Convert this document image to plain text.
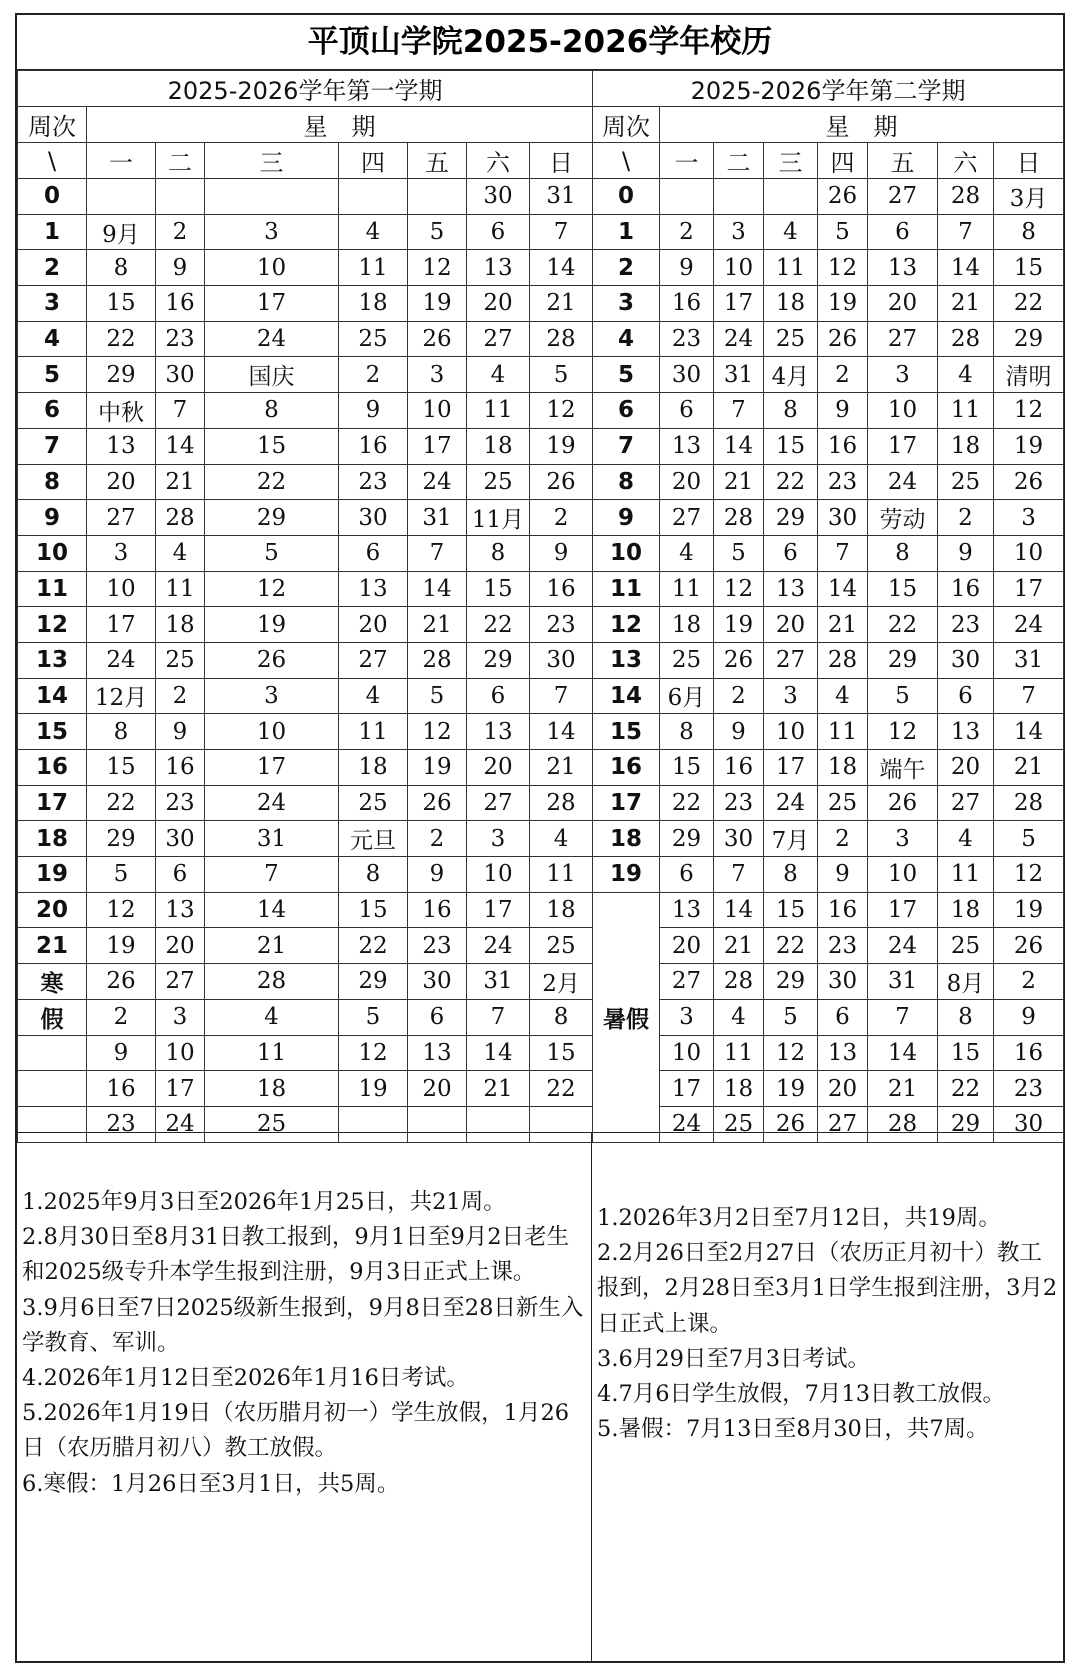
平顶山学院2025-2026学年校历
2025-2026学年第一学期							
周次	星　期						
\	一	二	三	四	五	六	日
0						30	31
1	9月	2	3	4	5	6	7
2	8	9	10	11	12	13	14
3	15	16	17	18	19	20	21
4	22	23	24	25	26	27	28
5	29	30	国庆	2	3	4	5
6	中秋	7	8	9	10	11	12
7	13	14	15	16	17	18	19
8	20	21	22	23	24	25	26
9	27	28	29	30	31	11月	2
10	3	4	5	6	7	8	9
11	10	11	12	13	14	15	16
12	17	18	19	20	21	22	23
13	24	25	26	27	28	29	30
14	12月	2	3	4	5	6	7
15	8	9	10	11	12	13	14
16	15	16	17	18	19	20	21
17	22	23	24	25	26	27	28
18	29	30	31	元旦	2	3	4
19	5	6	7	8	9	10	11
20	12	13	14	15	16	17	18
21	19	20	21	22	23	24	25
寒	26	27	28	29	30	31	2月
假	2	3	4	5	6	7	8
	9	10	11	12	13	14	15
	16	17	18	19	20	21	22
	23	24	25				
2025-2026学年第二学期							
周次	星　期						
\	一	二	三	四	五	六	日
0				26	27	28	3月
1	2	3	4	5	6	7	8
2	9	10	11	12	13	14	15
3	16	17	18	19	20	21	22
4	23	24	25	26	27	28	29
5	30	31	4月	2	3	4	清明
6	6	7	8	9	10	11	12
7	13	14	15	16	17	18	19
8	20	21	22	23	24	25	26
9	27	28	29	30	劳动	2	3
10	4	5	6	7	8	9	10
11	11	12	13	14	15	16	17
12	18	19	20	21	22	23	24
13	25	26	27	28	29	30	31
14	6月	2	3	4	5	6	7
15	8	9	10	11	12	13	14
16	15	16	17	18	端午	20	21
17	22	23	24	25	26	27	28
18	29	30	7月	2	3	4	5
19	6	7	8	9	10	11	12
暑假	13	14	15	16	17	18	19
	20	21	22	23	24	25	26
	27	28	29	30	31	8月	2
	3	4	5	6	7	8	9
	10	11	12	13	14	15	16
	17	18	19	20	21	22	23
	24	25	26	27	28	29	30

1.2025年9月3日至2026年1月25日，共21周。

2.8月30日至8月31日教工报到，9月1日至9月2日老生和2025级专升本学生报到注册，9月3日正式上课。

3.9月6日至7日2025级新生报到，9月8日至28日新生入学教育、军训。

4.2026年1月12日至2026年1月16日考试。

5.2026年1月19日（农历腊月初一）学生放假，1月26日（农历腊月初八）教工放假。

6.寒假：1月26日至3月1日，共5周。

1.2026年3月2日至7月12日，共19周。

2.2月26日至2月27日（农历正月初十）教工报到，2月28日至3月1日学生报到注册，3月2日正式上课。

3.6月29日至7月3日考试。

4.7月6日学生放假，7月13日教工放假。

5.暑假：7月13日至8月30日，共7周。
